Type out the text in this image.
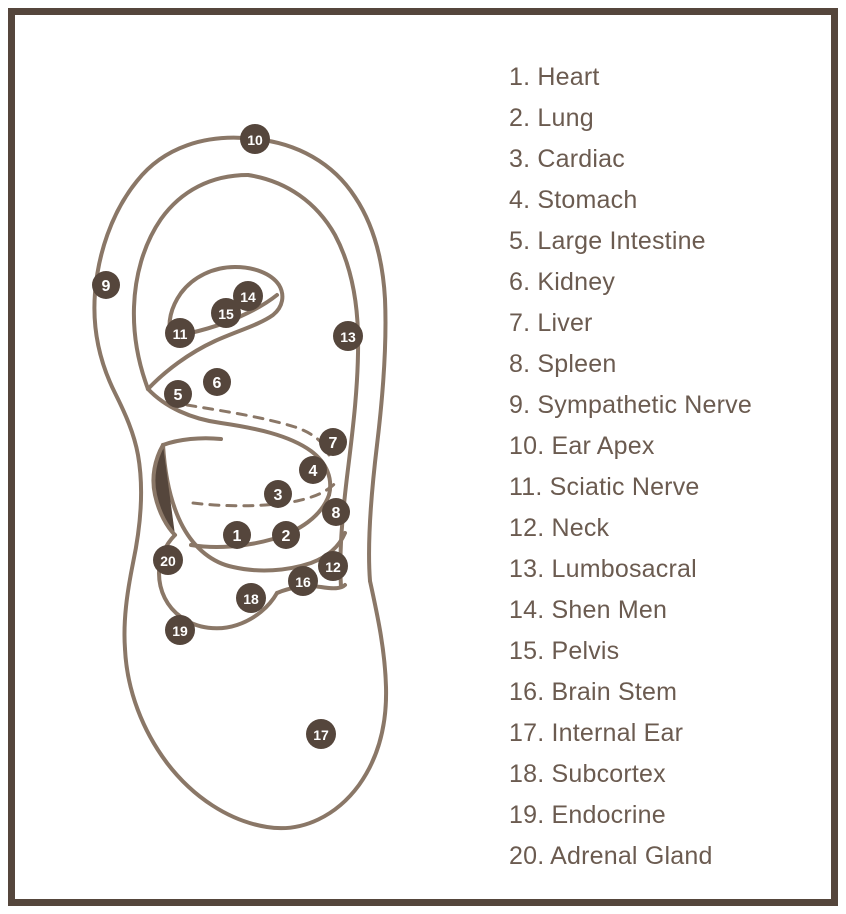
10
9
14
15
11	13
6
5
7
4
3
8
1	2
20	12
16
18
19
17
1. Heart
2. Lung
3. Cardiac
4. Stomach
5. Large Intestine
6. Kidney
7. Liver
8. Spleen
9. Sympathetic Nerve
10. Ear Apex
11. Sciatic Nerve
12. Neck
13. Lumbosacral
14. Shen Men
15. Pelvis
16. Brain Stem
17. Internal Ear
18. Subcortex
19. Endocrine
20. Adrenal Gland
